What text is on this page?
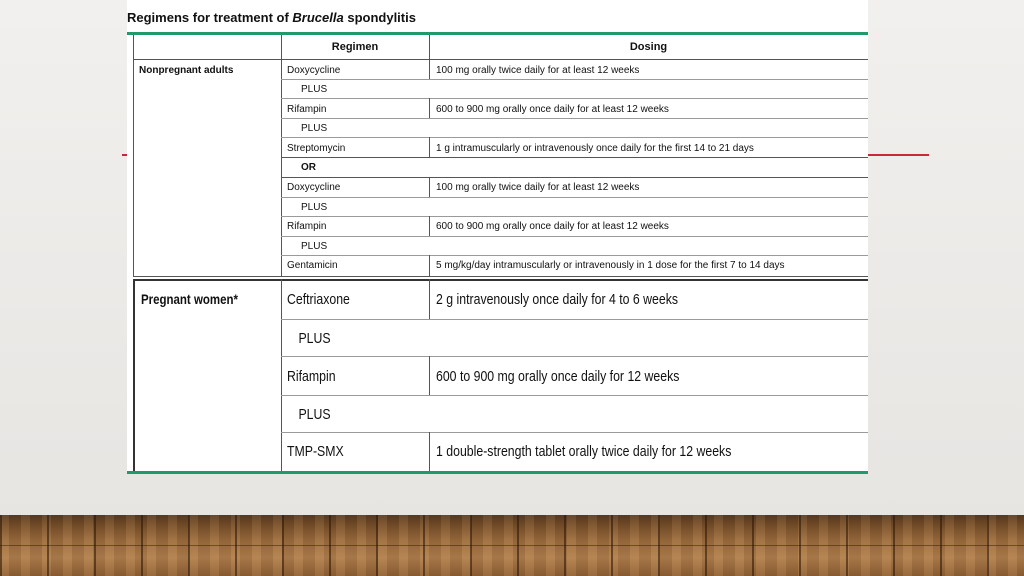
Regimens for treatment of Brucella spondylitis
Regimen	Dosing
Nonpregnant adults	Doxycycline	100 mg orally twice daily for at least 12 weeks
PLUS
Rifampin	600 to 900 mg orally once daily for at least 12 weeks
PLUS
Streptomycin	1 g intramuscularly or intravenously once daily for the first 14 to 21 days
OR
Doxycycline	100 mg orally twice daily for at least 12 weeks
PLUS
Rifampin	600 to 900 mg orally once daily for at least 12 weeks
PLUS
Gentamicin	5 mg/kg/day intramuscularly or intravenously in 1 dose for the first 7 to 14 days
Pregnant women*	Ceftriaxone	2 g intravenously once daily for 4 to 6 weeks
PLUS
Rifampin	600 to 900 mg orally once daily for 12 weeks
PLUS
TMP-SMX	1 double-strength tablet orally twice daily for 12 weeks
